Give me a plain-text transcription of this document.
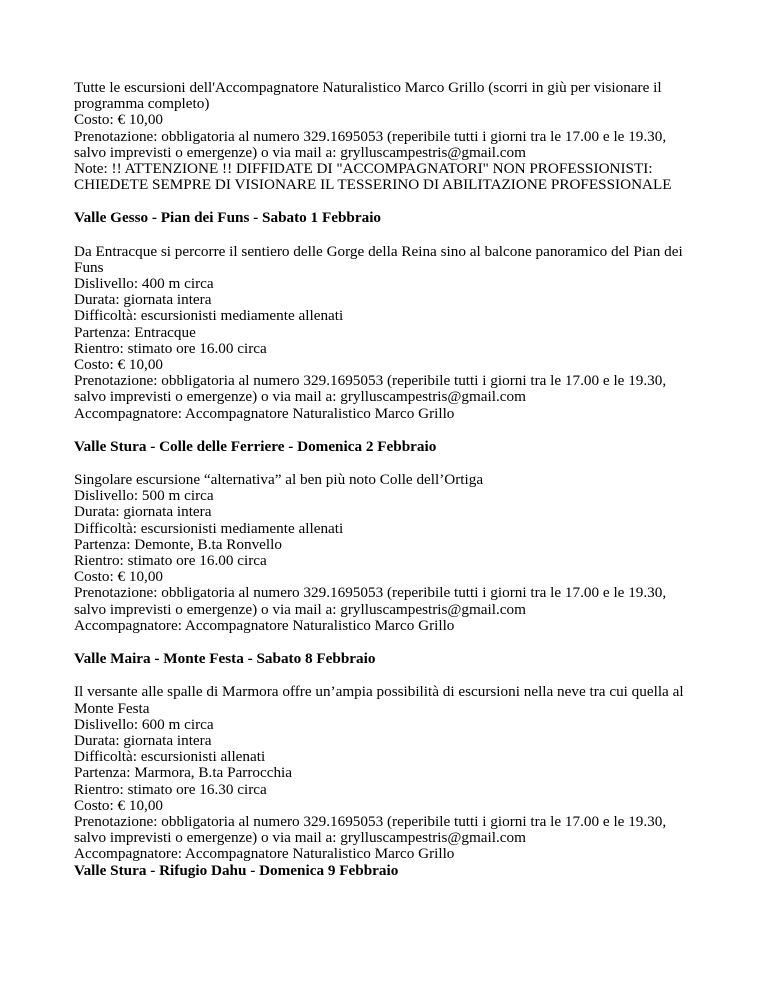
Tutte le escursioni dell'Accompagnatore Naturalistico Marco Grillo (scorri in giù per visionare il
programma completo)
Costo: € 10,00
Prenotazione: obbligatoria al numero 329.1695053 (reperibile tutti i giorni tra le 17.00 e le 19.30,
salvo imprevisti o emergenze) o via mail a: grylluscampestris@gmail.com
Note: !! ATTENZIONE !! DIFFIDATE DI "ACCOMPAGNATORI" NON PROFESSIONISTI:
CHIEDETE SEMPRE DI VISIONARE IL TESSERINO DI ABILITAZIONE PROFESSIONALE
Valle Gesso - Pian dei Funs - Sabato 1 Febbraio
Da Entracque si percorre il sentiero delle Gorge della Reina sino al balcone panoramico del Pian dei
Funs
Dislivello: 400 m circa
Durata: giornata intera
Difficoltà: escursionisti mediamente allenati
Partenza: Entracque
Rientro: stimato ore 16.00 circa
Costo: € 10,00
Prenotazione: obbligatoria al numero 329.1695053 (reperibile tutti i giorni tra le 17.00 e le 19.30,
salvo imprevisti o emergenze) o via mail a: grylluscampestris@gmail.com
Accompagnatore: Accompagnatore Naturalistico Marco Grillo
Valle Stura - Colle delle Ferriere - Domenica 2 Febbraio
Singolare escursione “alternativa” al ben più noto Colle dell’Ortiga
Dislivello: 500 m circa
Durata: giornata intera
Difficoltà: escursionisti mediamente allenati
Partenza: Demonte, B.ta Ronvello
Rientro: stimato ore 16.00 circa
Costo: € 10,00
Prenotazione: obbligatoria al numero 329.1695053 (reperibile tutti i giorni tra le 17.00 e le 19.30,
salvo imprevisti o emergenze) o via mail a: grylluscampestris@gmail.com
Accompagnatore: Accompagnatore Naturalistico Marco Grillo
Valle Maira - Monte Festa - Sabato 8 Febbraio
Il versante alle spalle di Marmora offre un’ampia possibilità di escursioni nella neve tra cui quella al
Monte Festa
Dislivello: 600 m circa
Durata: giornata intera
Difficoltà: escursionisti allenati
Partenza: Marmora, B.ta Parrocchia
Rientro: stimato ore 16.30 circa
Costo: € 10,00
Prenotazione: obbligatoria al numero 329.1695053 (reperibile tutti i giorni tra le 17.00 e le 19.30,
salvo imprevisti o emergenze) o via mail a: grylluscampestris@gmail.com
Accompagnatore: Accompagnatore Naturalistico Marco Grillo
Valle Stura - Rifugio Dahu - Domenica 9 Febbraio
